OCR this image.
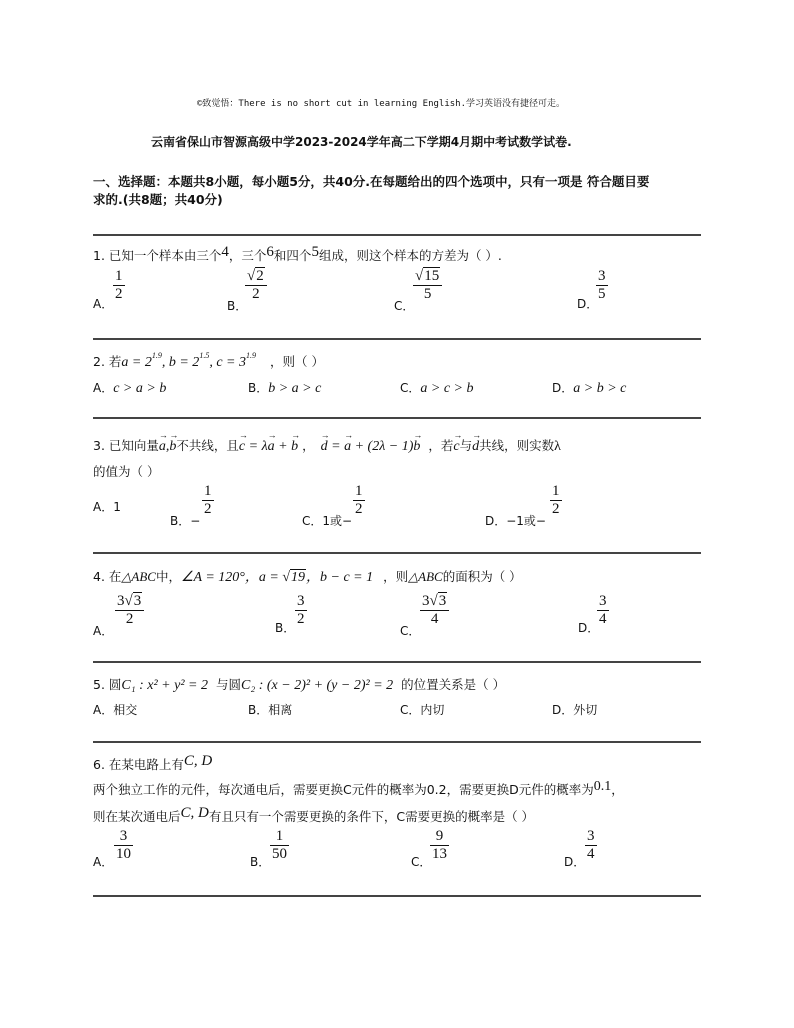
©致觉悟：There is no short cut in learning English.学习英语没有捷径可走。
云南省保山市智源高级中学2023-2024学年高二下学期4月期中考试数学试卷.
一、选择题：本题共8小题，每小题5分，共40分.在每题给出的四个选项中，只有一项是 符合题目要
求的.(共8题；共40分)
1. 已知一个样本由三个4，三个6和四个5组成，则这个样本的方差为（ ）.
A．
$\frac{1}{2}$
B．
$\frac{√2}{2}$
C．
$\frac{√15}{5}$
D．
$\frac{3}{5}$
2. 若$a = 2^{1.9}$, $b = 2^{1.5}$, $c = 3^{1.9}$ ，则（ ）
A．c > a > b	B．b > a > c	C．a > c > b	D．a > b > c
3. 已知向量→ a,→ b不共线，且→ c = λ→ a + → b ，→ d = → a + (2λ − 1)→ b ，若→ c与→ d共线，则实数λ
的值为（ ）
A．1
B．−
$\frac{1}{2}$
C．1或−
$\frac{1}{2}$
D．−1或−
$\frac{1}{2}$
4. 在△ABC中，∠A = 120°，a = √19，b − c = 1 ，则△ABC的面积为（ ）
A．
$\frac{3√3}{2}$	B． $\frac{3}{2}$
C．
$\frac{3√3}{4}$	D．
$\frac{3}{4}$
5. 圆C₁ : x² + y² = 2 与圆C₂ : (x − 2)² + (y − 2)² = 2 的位置关系是（ ）
A．相交	B．相离	C．内切	D．外切
6. 在某电路上有C, D
两个独立工作的元件，每次通电后，需要更换C元件的概率为0.2，需要更换D元件的概率为0.1，
则在某次通电后C, D有且只有一个需要更换的条件下，C需要更换的概率是（ ）
A． $\frac{3}{10}$	B． $\frac{1}{50}$	C．
$\frac{9}{13}$	D． $\frac{3}{4}$
